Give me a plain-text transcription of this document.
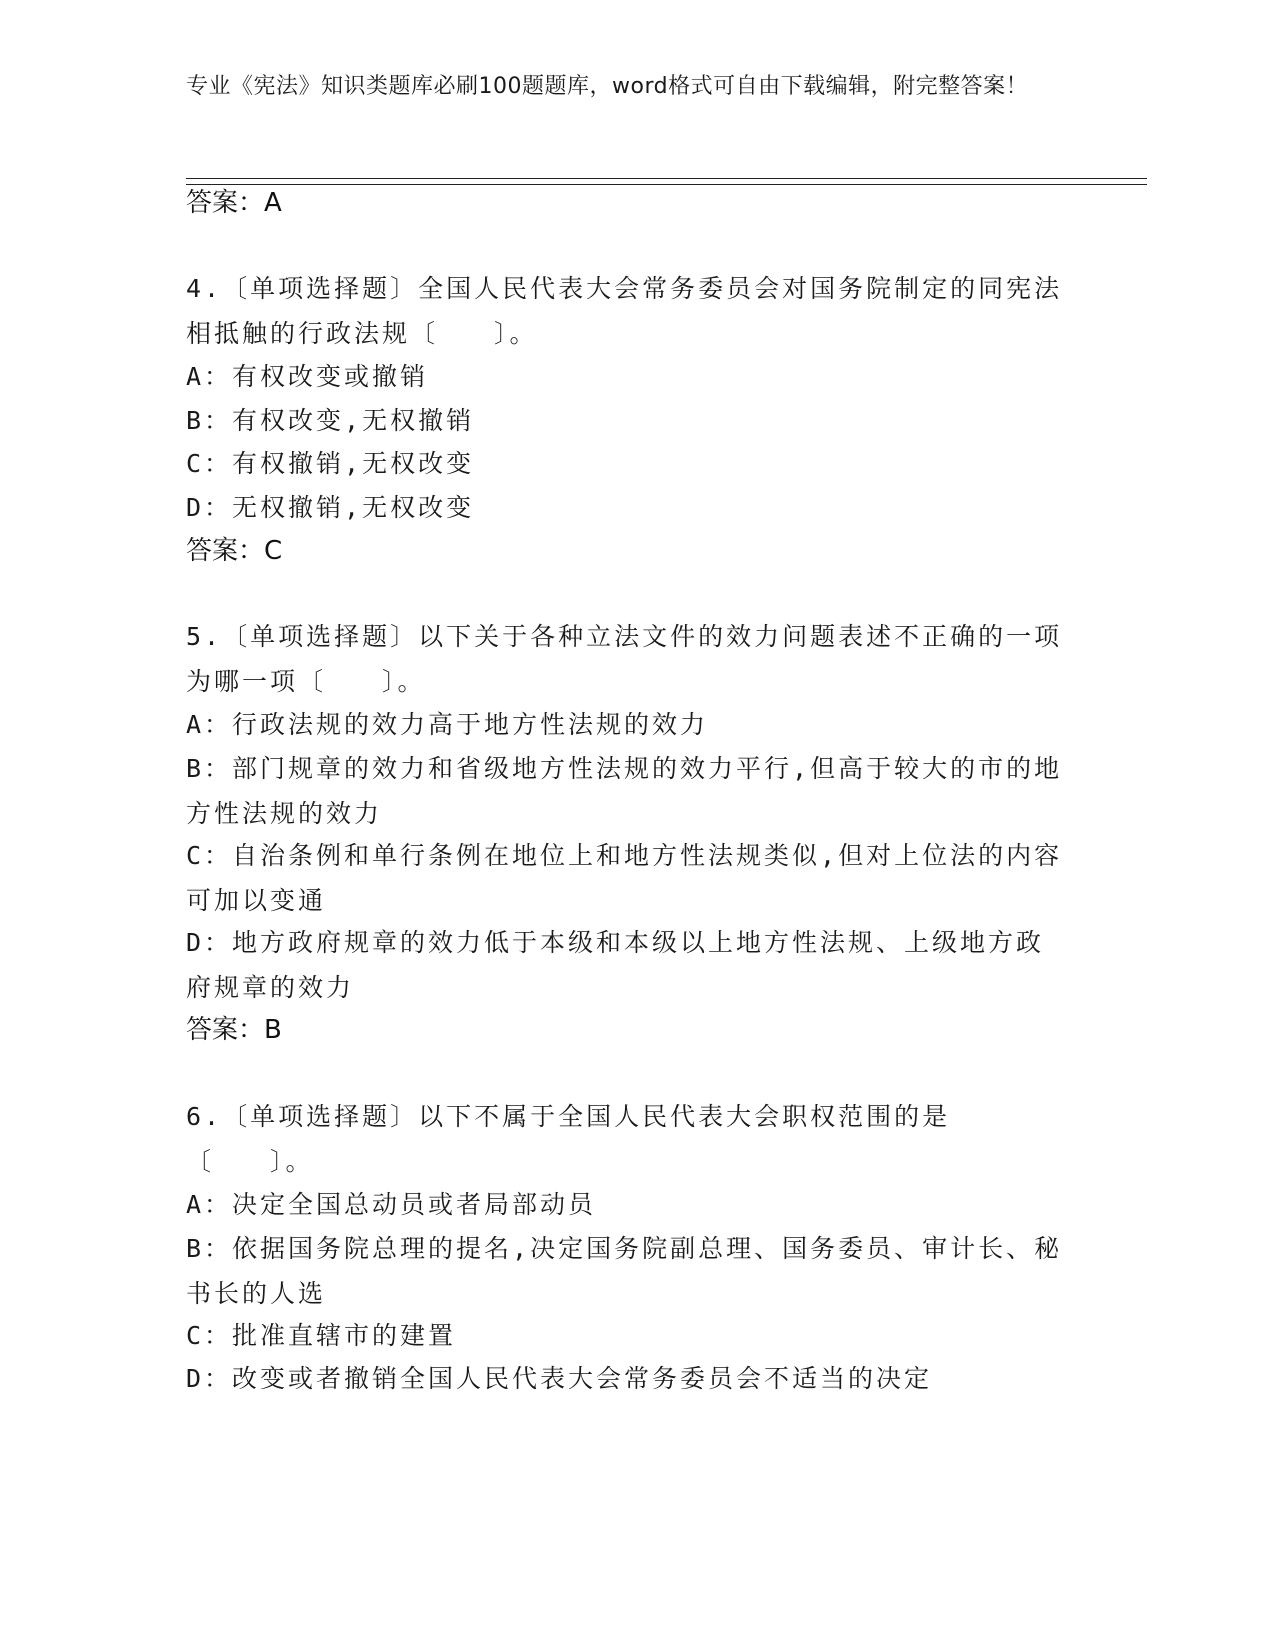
专业《宪法》知识类题库必刷100题题库，word格式可自由下载编辑，附完整答案！
答案：A
4.〔单项选择题〕全国人民代表大会常务委员会对国务院制定的同宪法相抵触的行政法规〔　　〕。
A：有权改变或撤销
B：有权改变,无权撤销
C：有权撤销,无权改变
D：无权撤销,无权改变
答案：C
5.〔单项选择题〕以下关于各种立法文件的效力问题表述不正确的一项为哪一项〔　　〕。
A：行政法规的效力高于地方性法规的效力
B：部门规章的效力和省级地方性法规的效力平行,但高于较大的市的地方性法规的效力
C：自治条例和单行条例在地位上和地方性法规类似,但对上位法的内容可加以变通
D：地方政府规章的效力低于本级和本级以上地方性法规、上级地方政府规章的效力
答案：B
6.〔单项选择题〕以下不属于全国人民代表大会职权范围的是〔　　〕。
A：决定全国总动员或者局部动员
B：依据国务院总理的提名,决定国务院副总理、国务委员、审计长、秘书长的人选
C：批准直辖市的建置
D：改变或者撤销全国人民代表大会常务委员会不适当的决定
